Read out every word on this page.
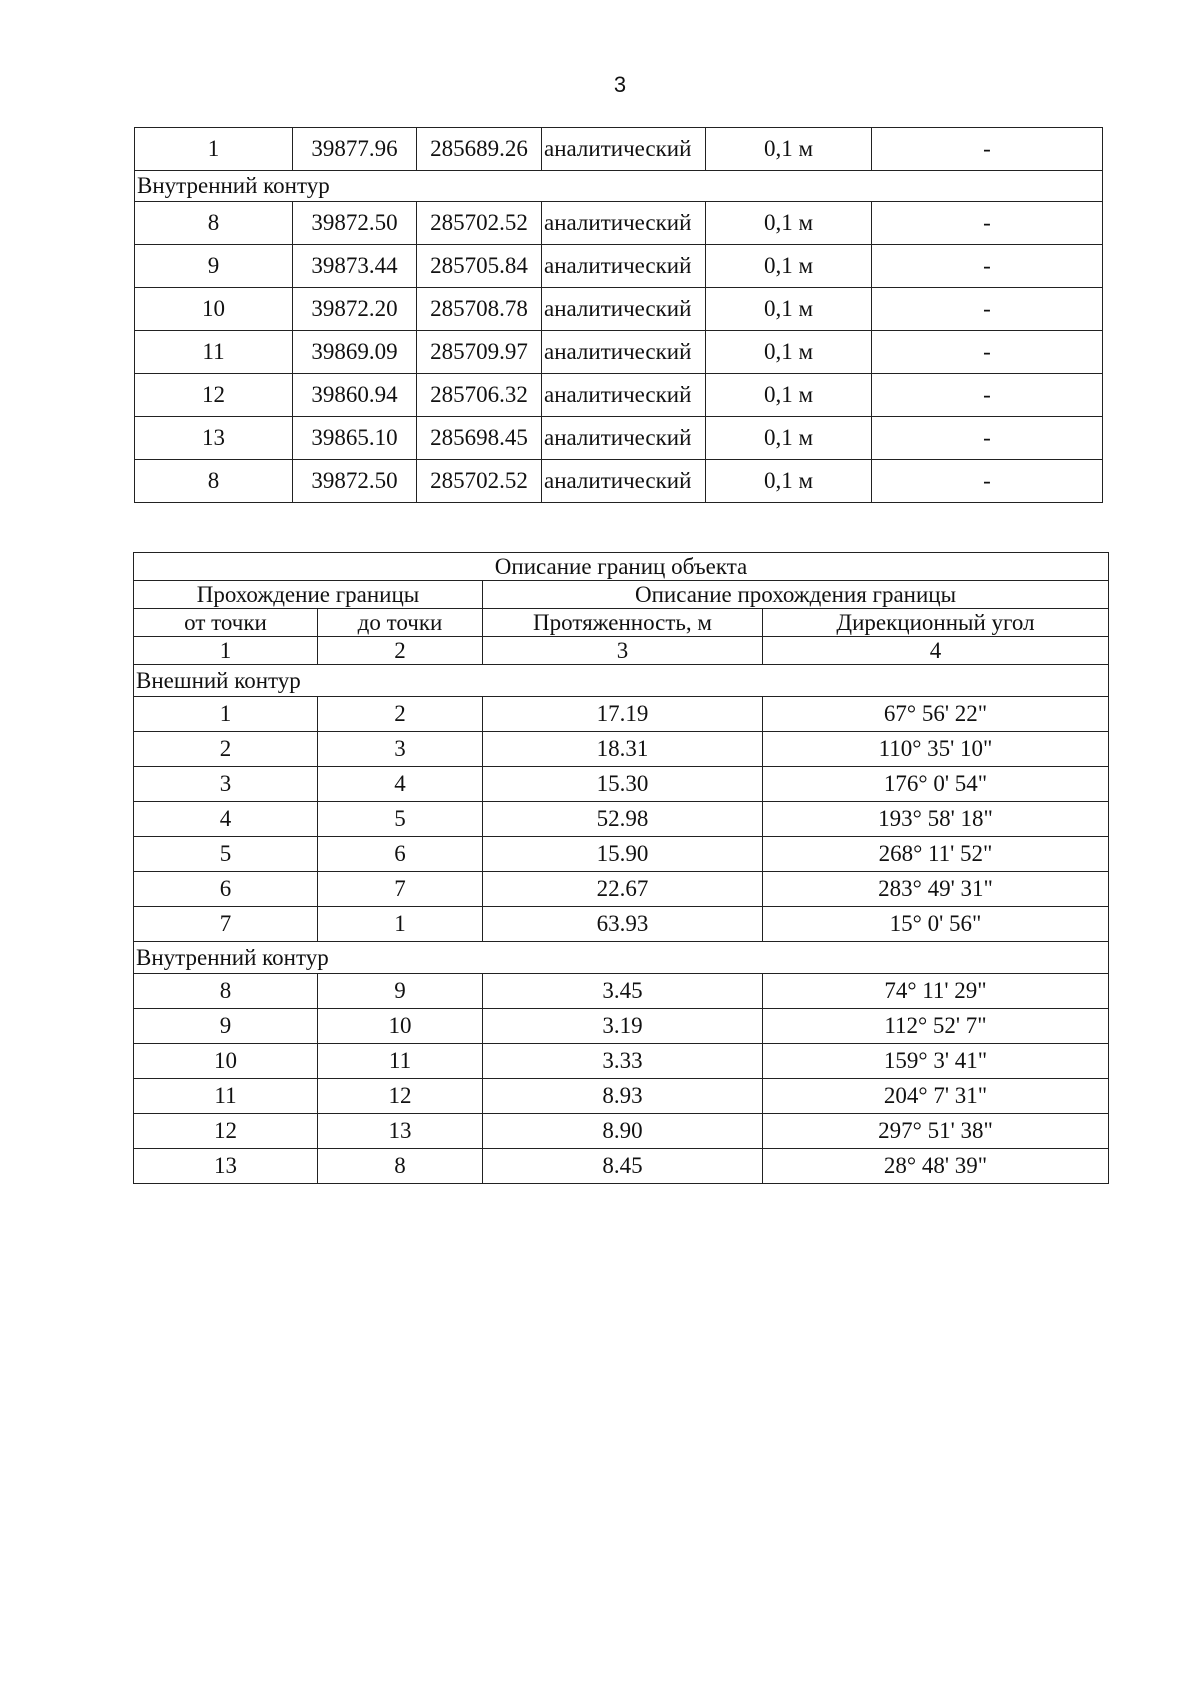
3
1	39877.96	285689.26	аналитический	0,1 м	-
Внутренний контур					
8	39872.50	285702.52	аналитический	0,1 м	-
9	39873.44	285705.84	аналитический	0,1 м	-
10	39872.20	285708.78	аналитический	0,1 м	-
11	39869.09	285709.97	аналитический	0,1 м	-
12	39860.94	285706.32	аналитический	0,1 м	-
13	39865.10	285698.45	аналитический	0,1 м	-
8	39872.50	285702.52	аналитический	0,1 м	-
Описание границ объекта			
Прохождение границы		Описание прохождения границы	
от точки	до точки	Протяженность, м	Дирекционный угол
1	2	3	4
Внешний контур			
1	2	17.19	67° 56' 22"
2	3	18.31	110° 35' 10"
3	4	15.30	176° 0' 54"
4	5	52.98	193° 58' 18"
5	6	15.90	268° 11' 52"
6	7	22.67	283° 49' 31"
7	1	63.93	15° 0' 56"
Внутренний контур			
8	9	3.45	74° 11' 29"
9	10	3.19	112° 52' 7"
10	11	3.33	159° 3' 41"
11	12	8.93	204° 7' 31"
12	13	8.90	297° 51' 38"
13	8	8.45	28° 48' 39"
